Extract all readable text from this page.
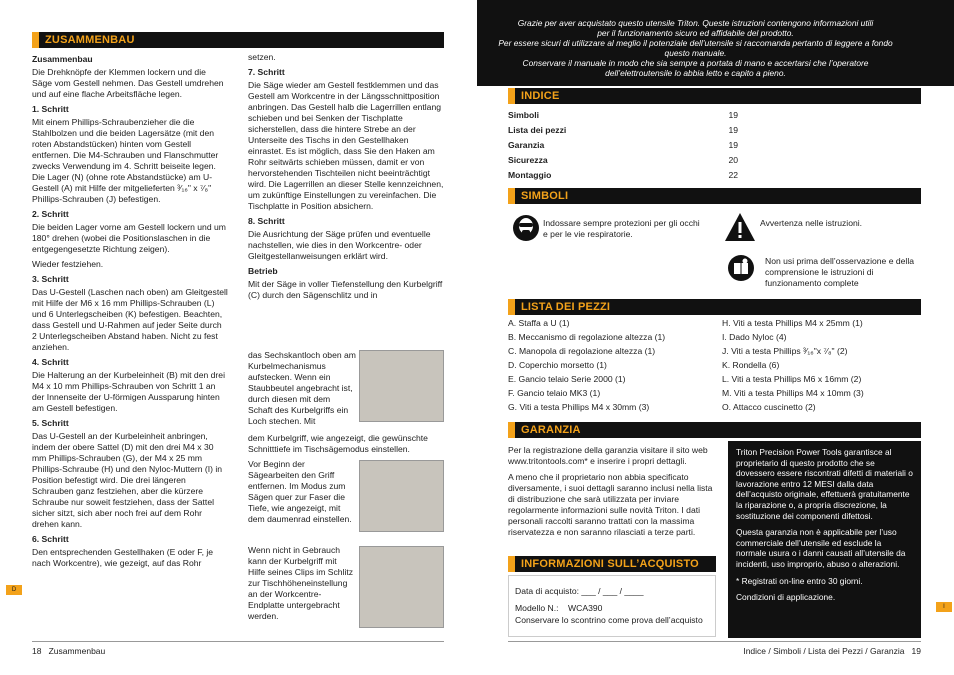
ZUSAMMENBAU

Zusammenbau

Die Drehknöpfe der Klemmen lockern und die Säge vom Gestell nehmen. Das Gestell umdrehen und auf eine flache Arbeitsfläche legen.

1. Schritt

Mit einem Phillips-Schraubenzieher die die Stahlbolzen und die beiden Lagersätze (mit den roten Abstandstücken) hinten vom Gestell entfernen. Die M4-Schrauben und Flanschmutter zwecks Verwendung im 4. Schritt beiseite legen. Die Lager (N) (ohne rote Abstandstücke) am U-Gestell (A) mit Hilfe der mitgelieferten ³⁄₁₆" x ⁷⁄₈" Phillips-Schrauben (J) befestigen.

2. Schritt

Die beiden Lager vorne am Gestell lockern und um 180° drehen (wobei die Positionslaschen in die entgegengesetzte Richtung zeigen).

Wieder festziehen.

3. Schritt

Das U-Gestell (Laschen nach oben) am Gleitgestell mit Hilfe der M6 x 16 mm Phillips-Schrauben (L) und 6 Unterlegscheiben (K) befestigen. Beachten, dass Gestell und U-Rahmen auf jeder Seite durch 2 Unterlegscheiben Abstand haben. Nicht zu fest anziehen.

4. Schritt

Die Halterung an der Kurbeleinheit (B) mit den drei M4 x 10 mm Phillips-Schrauben von Schritt 1 an der Innenseite der U-förmigen Aussparung hinten am Gestell befestigen.

5. Schritt

Das U-Gestell an der Kurbeleinheit anbringen, indem der obere Sattel (D) mit den drei M4 x 30 mm Phillips-Schrauben (G), der M4 x 25 mm Phillips-Schraube (H) und den Nyloc-Muttern (I) in Position befestigt wird. Die drei längeren Schrauben ganz festziehen, aber die kürzere Schraube nur soweit festziehen, dass der Sattel sicher sitzt, sich aber noch frei auf dem Rohr drehen kann.

6. Schritt

Den entsprechenden Gestellhaken (E oder F, je nach Workcentre), wie gezeigt, auf das Rohr

setzen.

7. Schritt

Die Säge wieder am Gestell festklemmen und das Gestell am Workcentre in der Längsschnittposition anbringen. Das Gestell halb die Lagerrillen entlang schieben und bei Senken der Tischplatte sicherstellen, dass die hintere Strebe an der Unterseite des Tischs in den Gestellhaken einrastet. Es ist möglich, dass Sie den Haken am Rohr seitwärts schieben müssen, damit er von hervorstehenden Tischteilen nicht beeinträchtigt wird. Die Lagerrillen an dieser Stelle kennzeichnen, um zukünftige Einstellungen zu vereinfachen. Die Tischplatte in Position absichern.

8. Schritt

Die Ausrichtung der Säge prüfen und eventuelle nachstellen, wie dies in den Workcentre- oder Gleitgestellanweisungen erklärt wird.

Betrieb

Mit der Säge in voller Tiefenstellung den Kurbelgriff (C) durch den Sägenschlitz und in

das Sechskantloch oben am Kurbelmechanismus aufstecken. Wenn ein Staubbeutel angebracht ist, durch diesen mit dem Schaft des Kurbelgriffs ein Loch stechen. Mit

dem Kurbelgriff, wie angezeigt, die gewünschte Schnitttiefe im Tischsägemodus einstellen.

Vor Beginn der Sägearbeiten den Griff entfernen. Im Modus zum Sägen quer zur Faser die Tiefe, wie angezeigt, mit dem daumenrad einstellen.

Wenn nicht in Gebrauch kann der Kurbelgriff mit Hilfe seines Clips im Schlitz zur Tischhöheneinstellung an der Workcentre-Endplatte untergebracht werden.

D
18 Zusammenbau
Grazie per aver acquistato questo utensile Triton. Queste istruzioni contengono informazioni utili
per il funzionamento sicuro ed affidabile del prodotto.
Per essere sicuri di utilizzare al meglio il potenziale dell’utensile si raccomanda pertanto di leggere a fondo
questo manuale.
Conservare il manuale in modo che sia sempre a portata di mano e accertarsi che l’operatore
dell’elettroutensile lo abbia letto e capito a pieno.
INDICE
Simboli	19
Lista dei pezzi	19
Garanzia	19
Sicurezza	20
Montaggio	22
SIMBOLI
Indossare sempre protezioni per gli occhi e per le vie respiratorie.
Avvertenza nelle istruzioni.
Non usi prima dell’osservazione e della comprensione le istruzioni di funzionamento complete
LISTA DEI PEZZI
A. Staffa a U (1)
B. Meccanismo di regolazione altezza (1)
C. Manopola di regolazione altezza (1)
D. Coperchio morsetto (1)
E. Gancio telaio Serie 2000 (1)
F. Gancio telaio MK3 (1)
G. Viti a testa Phillips M4 x 30mm (3)
H. Viti a testa Phillips M4 x 25mm (1)
I. Dado Nyloc (4)
J. Viti a testa Phillips ³⁄₁₆"x ⁷⁄₈" (2)
K. Rondella (6)
L. Viti a testa Phillips M6 x 16mm (2)
M. Viti a testa Phillips M4 x 10mm (3)
O. Attacco cuscinetto (2)
GARANZIA

Per la registrazione della garanzia visitare il sito web www.tritontools.com* e inserire i propri dettagli.

A meno che il proprietario non abbia specificato diversamente, i suoi dettagli saranno inclusi nella lista di distribuzione che sarà utilizzata per inviare regolarmente informazioni sulle novità Triton. I dati personali raccolti saranno trattati con la massima riservatezza e non saranno rilasciati a terze parti.

Triton Precision Power Tools garantisce al proprietario di questo prodotto che se dovessero essere riscontrati difetti di materiali o lavorazione entro 12 MESI dalla data dell’acquisto originale, effettuerà gratuitamente la riparazione o, a propria discrezione, la sostituzione dei componenti difettosi.

Questa garanzia non è applicabile per l’uso commerciale dell’utensile ed esclude la normale usura o i danni causati all’utensile da incidenti, uso improprio, abuso o alterazioni.

* Registrati on-line entro 30 giorni.

Condizioni di applicazione.

INFORMAZIONI SULL’ACQUISTO
Data di acquisto: ___ / ___ / ____
Modello N.: WCA390
Conservare lo scontrino come prova dell’acquisto
I
Indice / Simboli / Lista dei Pezzi / Garanzia 19
